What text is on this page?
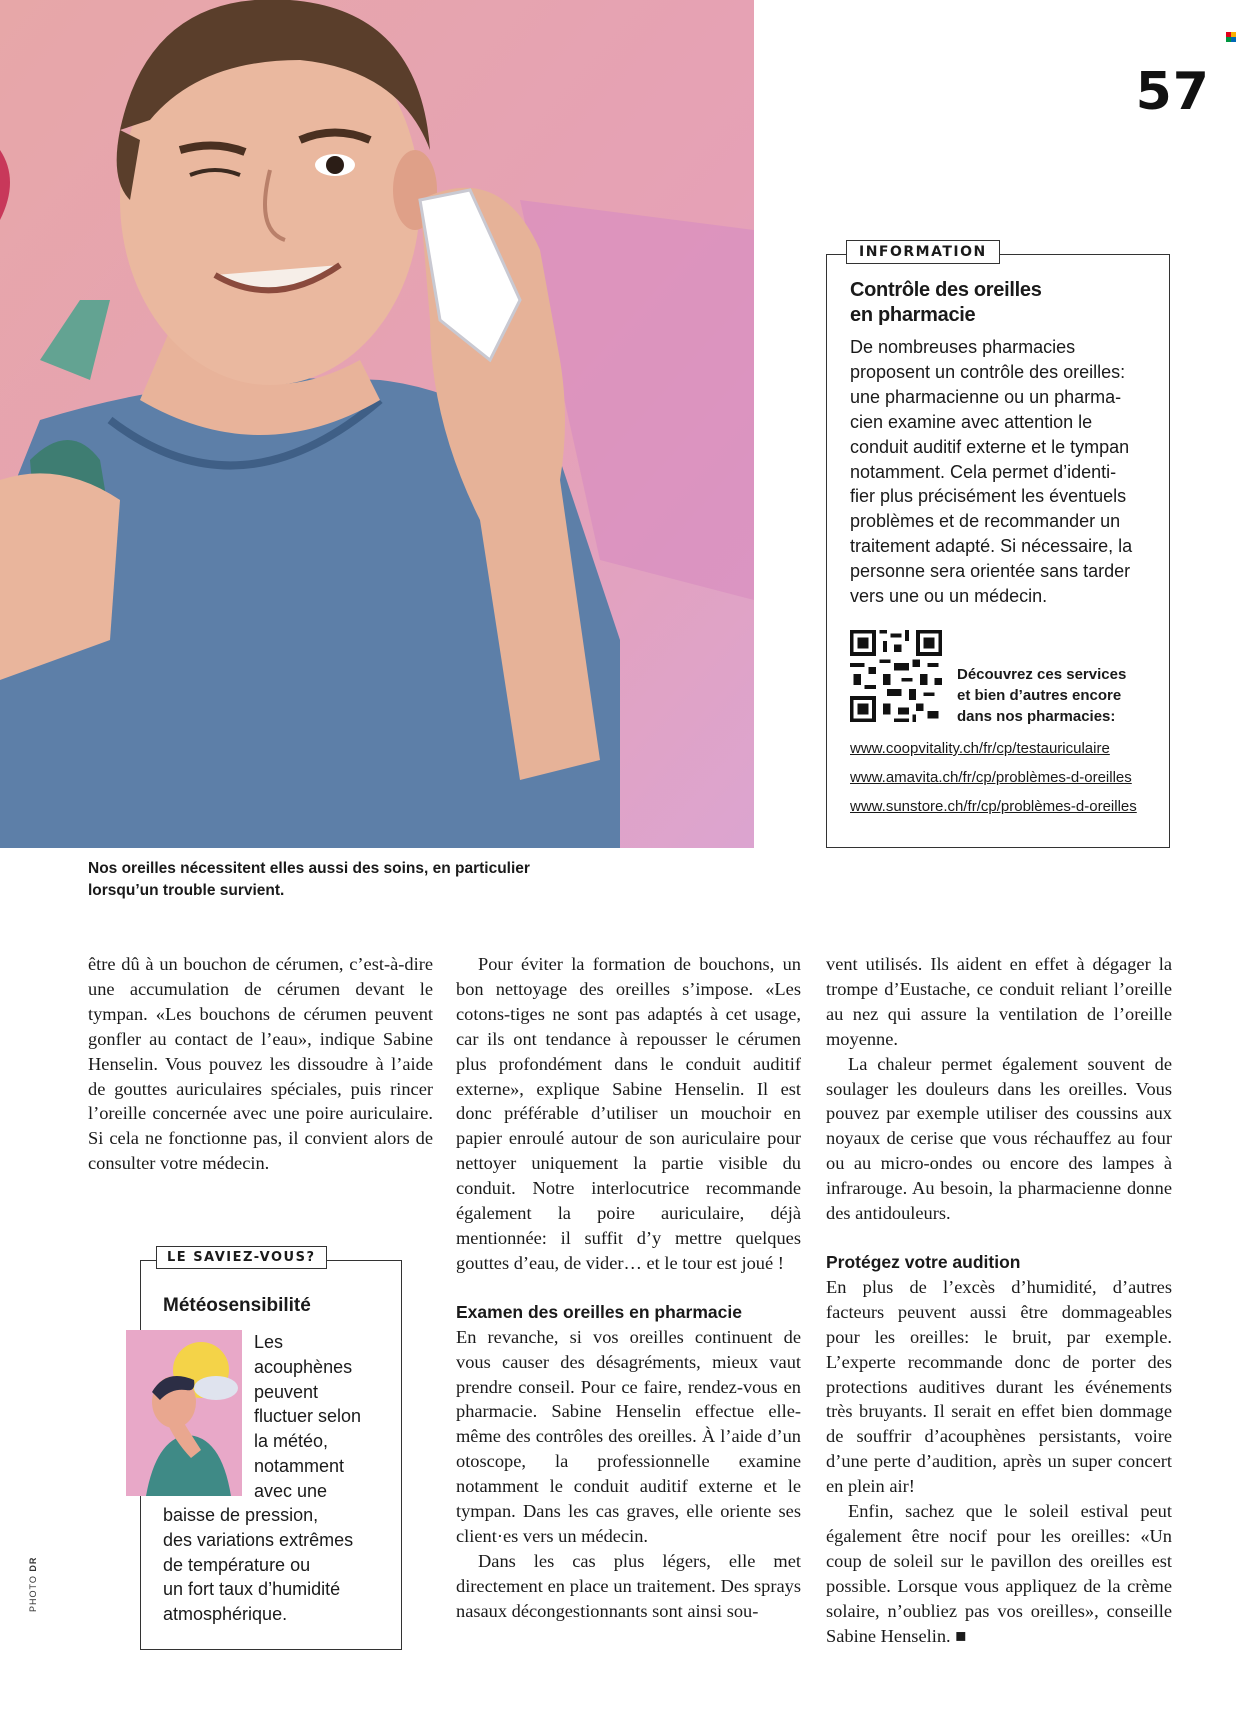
57
INFORMATION
Contrôle des oreilles
en pharmacie
De nombreuses pharmacies
proposent un contrôle des oreilles:
une pharmacienne ou un pharma-
cien examine avec attention le
conduit auditif externe et le tympan
notamment. Cela permet d’identi-
fier plus précisément les éventuels
problèmes et de recommander un
traitement adapté. Si nécessaire, la
personne sera orientée sans tarder
vers une ou un médecin.
Découvrez ces services
et bien d’autres encore
dans nos pharmacies:
www.coopvitality.ch/fr/cp/testauriculaire
www.amavita.ch/fr/cp/problèmes-d-oreilles
www.sunstore.ch/fr/cp/problèmes-d-oreilles
Nos oreilles nécessitent elles aussi des soins, en particulier
lorsqu’un trouble survient.

être dû à un bouchon de cérumen, c’est-à-dire une accumulation de cérumen devant le tympan. «Les bouchons de cérumen peuvent gonfler au contact de l’eau», indique Sabine Henselin. Vous pouvez les dissoudre à l’aide de gouttes auriculaires spéciales, puis rincer l’oreille concernée avec une poire auriculaire. Si cela ne fonctionne pas, il convient alors de consulter votre médecin.

LE SAVIEZ-VOUS?
Météosensibilité
Les
acouphènes
peuvent
fluctuer selon
la météo,
notamment
avec une
baisse de pression,
des variations extrêmes
de température ou
un fort taux d’humidité
atmosphérique.

Pour éviter la formation de bouchons, un bon nettoyage des oreilles s’impose. «Les cotons-tiges ne sont pas adaptés à cet usage, car ils ont tendance à repousser le cérumen plus profondément dans le conduit auditif externe», explique Sabine Henselin. Il est donc préférable d’utiliser un mouchoir en papier enroulé autour de son auriculaire pour nettoyer uniquement la partie visible du conduit. Notre interlocutrice recommande également la poire auriculaire, déjà mentionnée: il suffit d’y mettre quelques gouttes d’eau, de vider… et le tour est joué !

Examen des oreilles en pharmacie

En revanche, si vos oreilles continuent de vous causer des désagréments, mieux vaut prendre conseil. Pour ce faire, rendez-vous en pharmacie. Sabine Henselin effectue elle-même des contrôles des oreilles. À l’aide d’un otoscope, la professionnelle examine notamment le conduit auditif externe et le tympan. Dans les cas graves, elle oriente ses client·es vers un médecin.

Dans les cas plus légers, elle met directement en place un traitement. Des sprays nasaux décongestionnants sont ainsi sou-

vent utilisés. Ils aident en effet à dégager la trompe d’Eustache, ce conduit reliant l’oreille au nez qui assure la ventilation de l’oreille moyenne.

La chaleur permet également souvent de soulager les douleurs dans les oreilles. Vous pouvez par exemple utiliser des coussins aux noyaux de cerise que vous réchauffez au four ou au micro-ondes ou encore des lampes à infrarouge. Au besoin, la pharmacienne donne des antidouleurs.

Protégez votre audition

En plus de l’excès d’humidité, d’autres facteurs peuvent aussi être dommageables pour les oreilles: le bruit, par exemple. L’experte recommande donc de porter des protections auditives durant les événements très bruyants. Il serait en effet bien dommage de souffrir d’acouphènes persistants, voire d’une perte d’audition, après un super concert en plein air!

Enfin, sachez que le soleil estival peut également être nocif pour les oreilles: «Un coup de soleil sur le pavillon des oreilles est possible. Lorsque vous appliquez de la crème solaire, n’oubliez pas vos oreilles», conseille Sabine Henselin. ■

PHOTO DR
